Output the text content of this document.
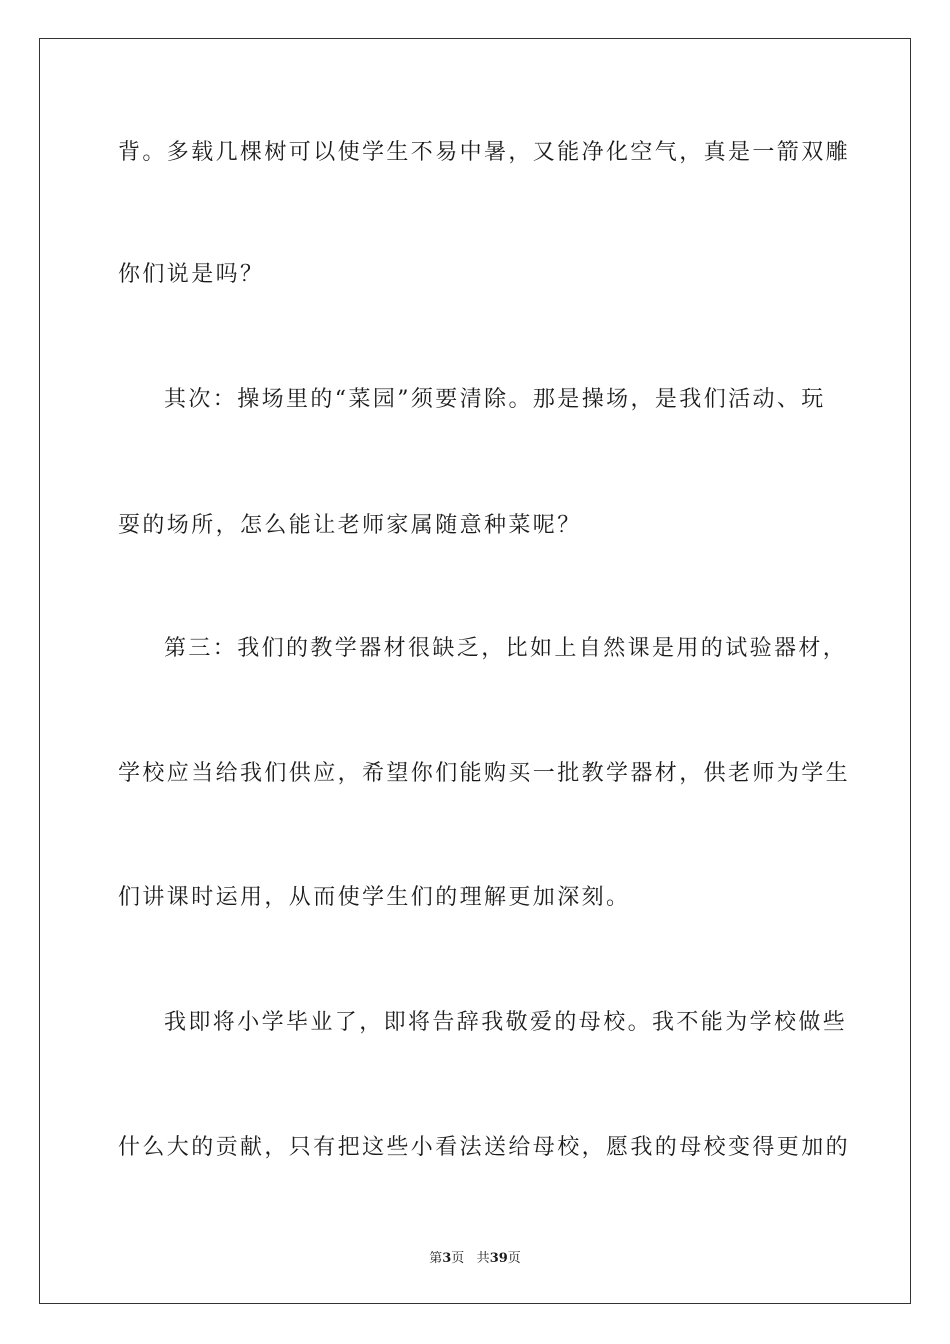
背。多载几棵树可以使学生不易中暑，又能净化空气，真是一箭双雕
你们说是吗？
其次：操场里的“菜园”须要清除。那是操场，是我们活动、玩
耍的场所，怎么能让老师家属随意种菜呢？
第三：我们的教学器材很缺乏，比如上自然课是用的试验器材，
学校应当给我们供应，希望你们能购买一批教学器材，供老师为学生
们讲课时运用，从而使学生们的理解更加深刻。
我即将小学毕业了，即将告辞我敬爱的母校。我不能为学校做些
什么大的贡献，只有把这些小看法送给母校，愿我的母校变得更加的
第3页 共39页
